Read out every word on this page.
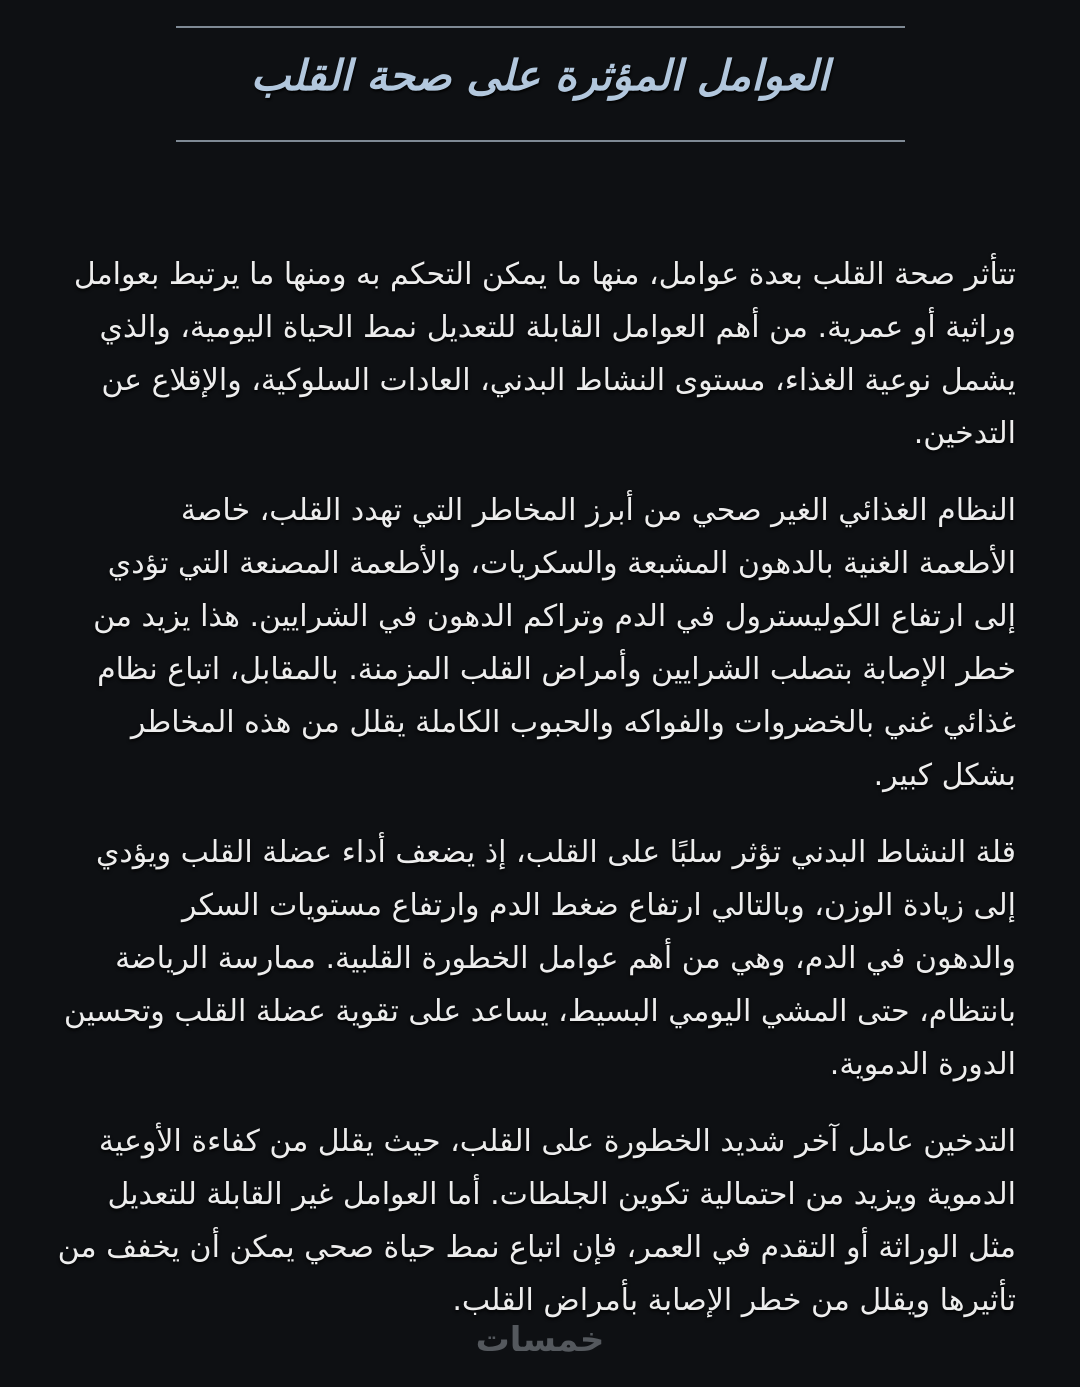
العوامل المؤثرة على صحة القلب
تتأثر صحة القلب بعدة عوامل، منها ما يمكن التحكم به ومنها ما يرتبط بعوامل
وراثية أو عمرية. من أهم العوامل القابلة للتعديل نمط الحياة اليومية، والذي
يشمل نوعية الغذاء، مستوى النشاط البدني، العادات السلوكية، والإقلاع عن
التدخين.
النظام الغذائي الغير صحي من أبرز المخاطر التي تهدد القلب، خاصة
الأطعمة الغنية بالدهون المشبعة والسكريات، والأطعمة المصنعة التي تؤدي
إلى ارتفاع الكوليسترول في الدم وتراكم الدهون في الشرايين. هذا يزيد من
خطر الإصابة بتصلب الشرايين وأمراض القلب المزمنة. بالمقابل، اتباع نظام
غذائي غني بالخضروات والفواكه والحبوب الكاملة يقلل من هذه المخاطر
بشكل كبير.
قلة النشاط البدني تؤثر سلبًا على القلب، إذ يضعف أداء عضلة القلب ويؤدي
إلى زيادة الوزن، وبالتالي ارتفاع ضغط الدم وارتفاع مستويات السكر
والدهون في الدم، وهي من أهم عوامل الخطورة القلبية. ممارسة الرياضة
بانتظام، حتى المشي اليومي البسيط، يساعد على تقوية عضلة القلب وتحسين
الدورة الدموية.
التدخين عامل آخر شديد الخطورة على القلب، حيث يقلل من كفاءة الأوعية
الدموية ويزيد من احتمالية تكوين الجلطات. أما العوامل غير القابلة للتعديل
مثل الوراثة أو التقدم في العمر، فإن اتباع نمط حياة صحي يمكن أن يخفف من
تأثيرها ويقلل من خطر الإصابة بأمراض القلب.
خمسات
